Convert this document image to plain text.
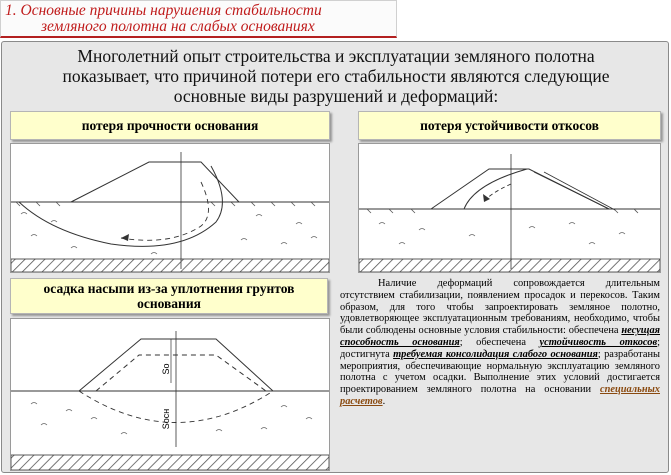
1. Основные причины нарушения стабильности
земляного полотна на слабых основаниях
Многолетний опыт строительства и эксплуатации земляного полотна показывает, что причиной потери его стабильности являются следующие основные виды разрушений и деформаций:
потеря прочности основания	потеря устойчивости откосов
осадка насыпи из-за уплотнения грунтов основания
So
Sосн
Наличие деформаций сопровождается длительным отсутствием стабилизации, появлением просадок и перекосов. Таким образом, для того чтобы запроектировать земляное полотно, удовлетворяющее эксплуатационным требованиям, необходимо, чтобы были соблюдены основные условия стабильности: обеспечена несущая способность основания; обеспечена устойчивость откосов; достигнута требуемая консолидация слабого основания; разработаны мероприятия, обеспечивающие нормальную эксплуатацию земляного полотна с учетом осадки. Выполнение этих условий достигается проектированием земляного полотна на основании специальных расчетов.
